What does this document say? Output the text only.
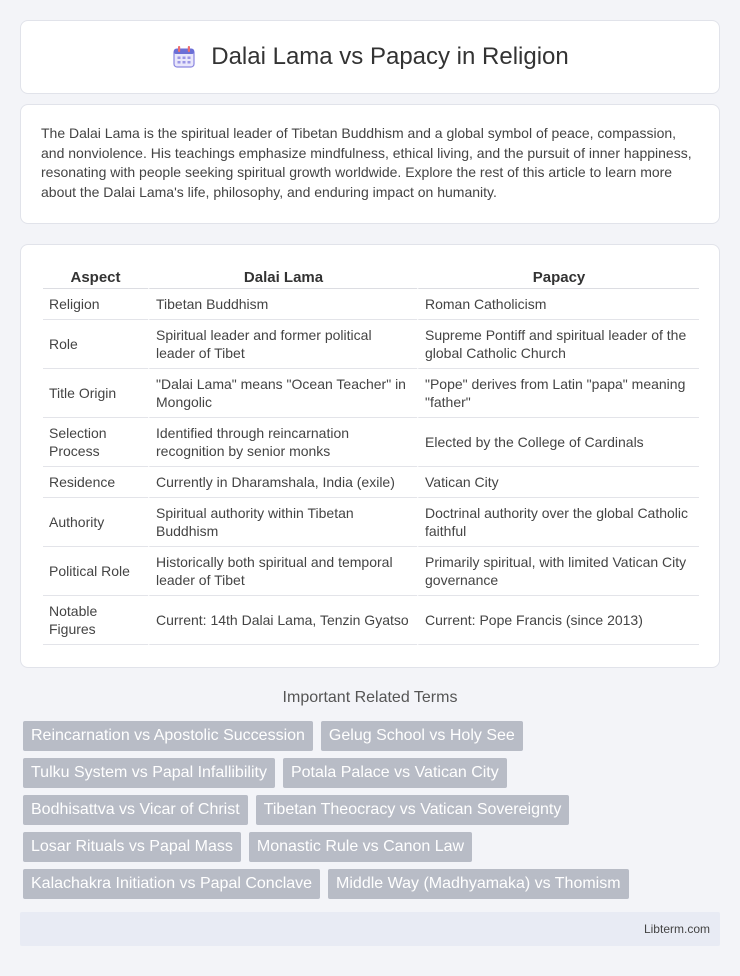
Dalai Lama vs Papacy in Religion

The Dalai Lama is the spiritual leader of Tibetan Buddhism and a global symbol of peace, compassion, and nonviolence. His teachings emphasize mindfulness, ethical living, and the pursuit of inner happiness, resonating with people seeking spiritual growth worldwide. Explore the rest of this article to learn more about the Dalai Lama's life, philosophy, and enduring impact on humanity.

Aspect	Dalai Lama	Papacy
Religion	Tibetan Buddhism	Roman Catholicism
Role	Spiritual leader and former political leader of Tibet	Supreme Pontiff and spiritual leader of the global Catholic Church
Title Origin	"Dalai Lama" means "Ocean Teacher" in Mongolic	"Pope" derives from Latin "papa" meaning "father"
Selection Process	Identified through reincarnation recognition by senior monks	Elected by the College of Cardinals
Residence	Currently in Dharamshala, India (exile)	Vatican City
Authority	Spiritual authority within Tibetan Buddhism	Doctrinal authority over the global Catholic faithful
Political Role	Historically both spiritual and temporal leader of Tibet	Primarily spiritual, with limited Vatican City governance
Notable Figures	Current: 14th Dalai Lama, Tenzin Gyatso	Current: Pope Francis (since 2013)
Important Related Terms
Reincarnation vs Apostolic Succession	Gelug School vs Holy See
Tulku System vs Papal Infallibility	Potala Palace vs Vatican City
Bodhisattva vs Vicar of Christ	Tibetan Theocracy vs Vatican Sovereignty
Losar Rituals vs Papal Mass	Monastic Rule vs Canon Law
Kalachakra Initiation vs Papal Conclave	Middle Way (Madhyamaka) vs Thomism
Libterm.com
